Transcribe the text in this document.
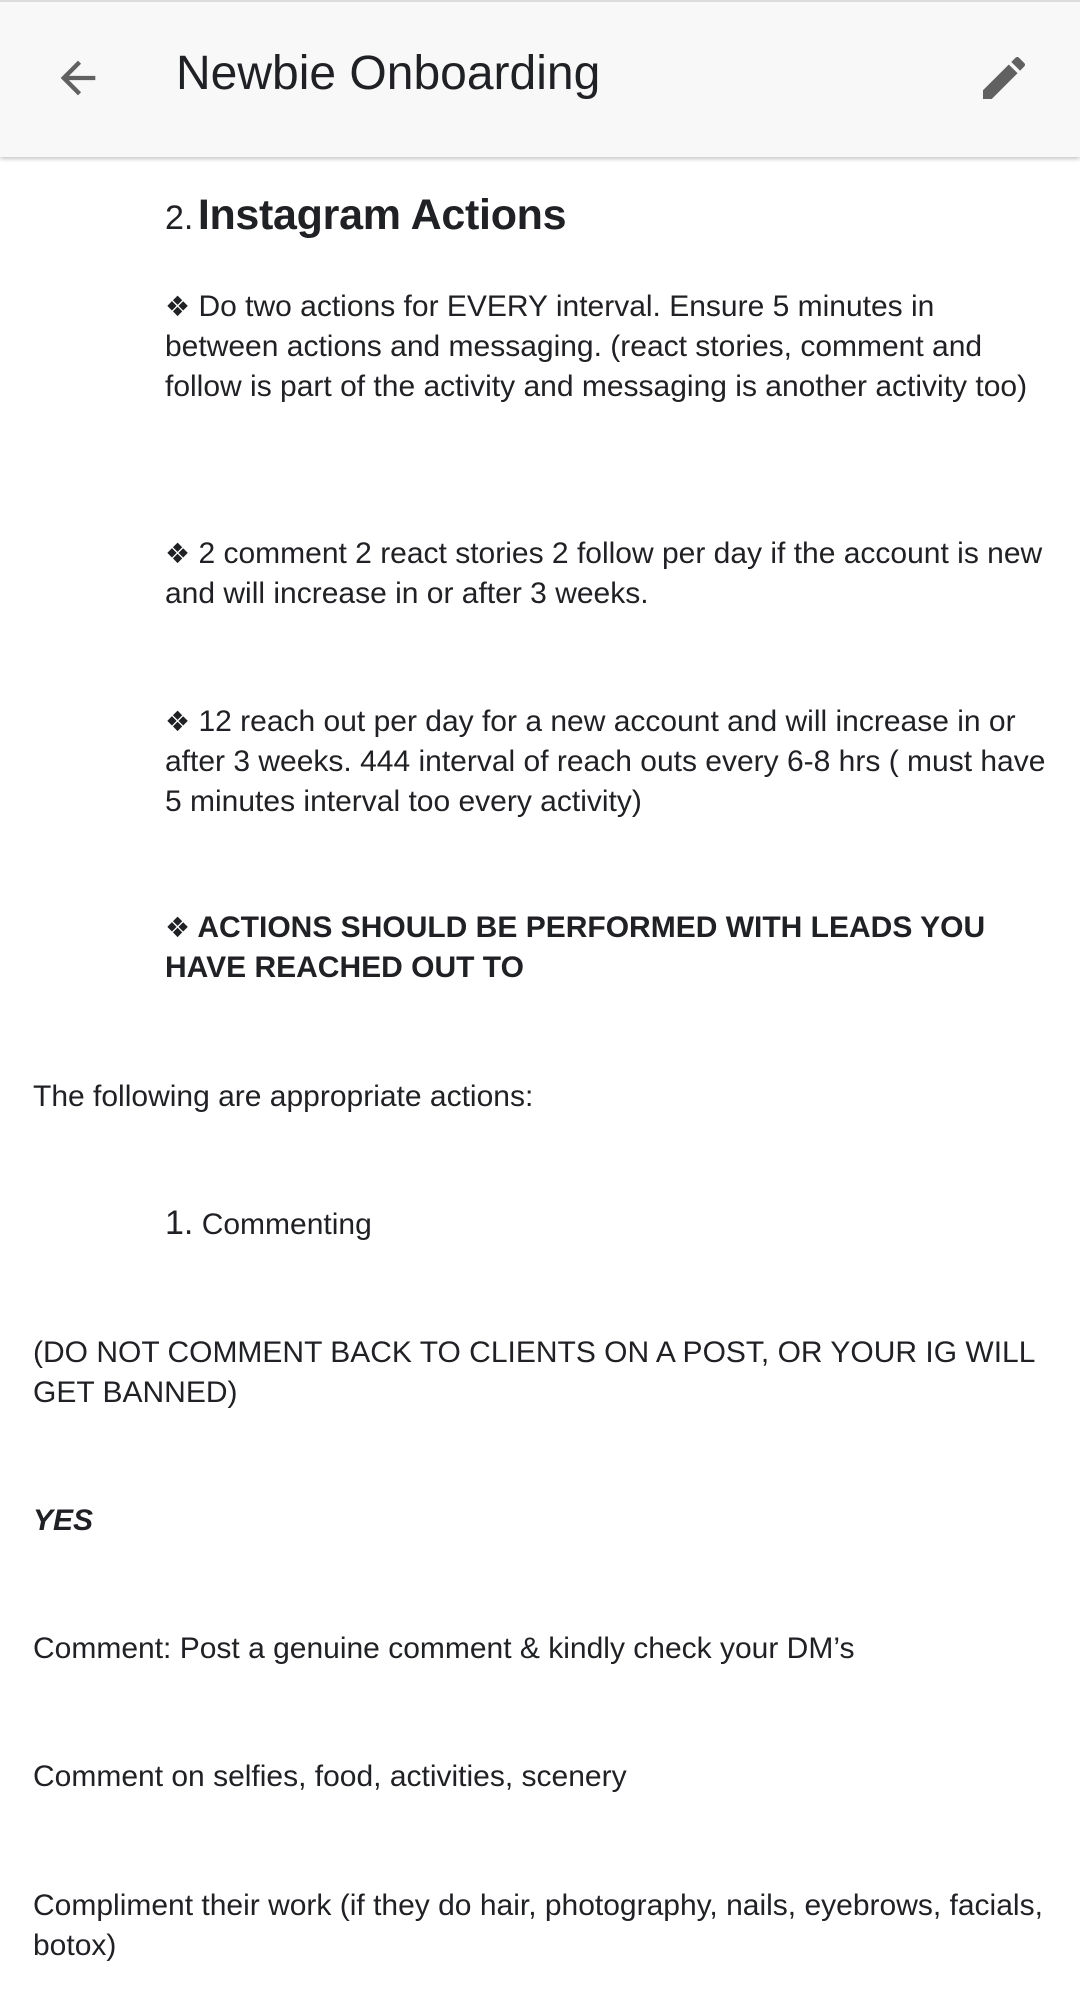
Newbie Onboarding
2. Instagram Actions

❖ Do two actions for EVERY interval. Ensure 5 minutes in between actions and messaging. (react stories, comment and follow is part of the activity and messaging is another activity too)

❖ 2 comment 2 react stories 2 follow per day if the account is new and will increase in or after 3 weeks.

❖ 12 reach out per day for a new account and will increase in or after 3 weeks. 444 interval of reach outs every 6-8 hrs ( must have 5 minutes interval too every activity)

❖ ACTIONS SHOULD BE PERFORMED WITH LEADS YOU HAVE REACHED OUT TO

The following are appropriate actions:

1. Commenting

(DO NOT COMMENT BACK TO CLIENTS ON A POST, OR YOUR IG WILL GET BANNED)

YES

Comment: Post a genuine comment & kindly check your DM’s

Comment on selfies, food, activities, scenery

Compliment their work (if they do hair, photography, nails, eyebrows, facials, botox)
